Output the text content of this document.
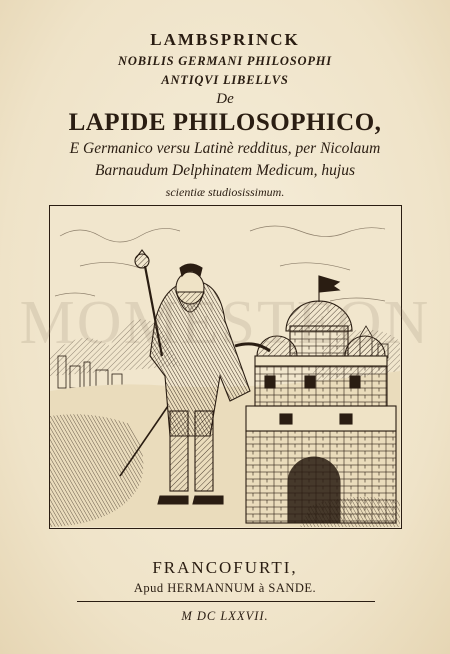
LAMBSPRINCK
NOBILIS GERMANI PHILOSOPHI
ANTIQVI LIBELLVS
De
LAPIDE PHILOSOPHICO,
E Germanico versu Latinè redditus, per Nicolaum
Barnaudum Delphinatem Medicum, hujus
scientiæ studiosissimum.
FRANCOFURTI,
Apud HERMANNUM à SANDE.
M DC LXXVII.
